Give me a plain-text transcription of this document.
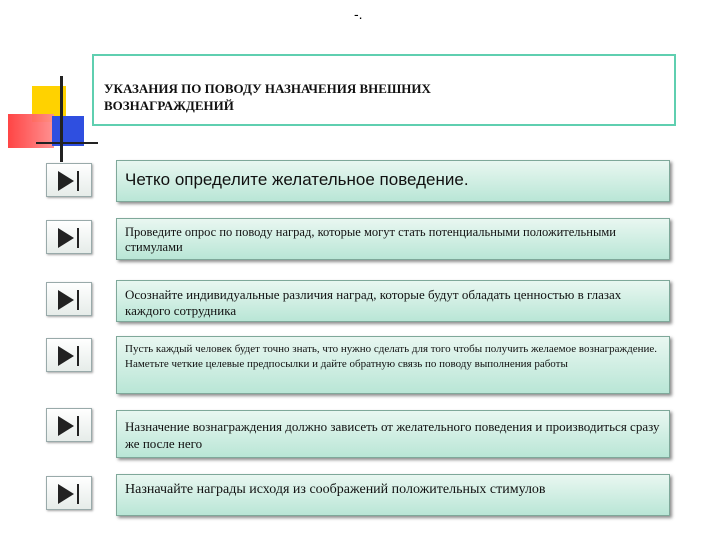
-.
УКАЗАНИЯ ПО ПОВОДУ НАЗНАЧЕНИЯ ВНЕШНИХ
ВОЗНАГРАЖДЕНИЙ
Четко определите желательное поведение.
Проведите опрос по поводу наград, которые могут стать потенциальными положительными стимулами
Осознайте индивидуальные различия наград, которые будут обладать ценностью в глазах каждого сотрудника
Пусть каждый человек будет точно знать, что нужно сделать для того чтобы получить желаемое вознаграждение. Наметьте четкие целевые предпосылки и дайте обратную связь по поводу выполнения работы
Назначение вознаграждения должно зависеть от желательного поведения и производиться сразу же после него
Назначайте награды исходя из соображений положительных стимулов
